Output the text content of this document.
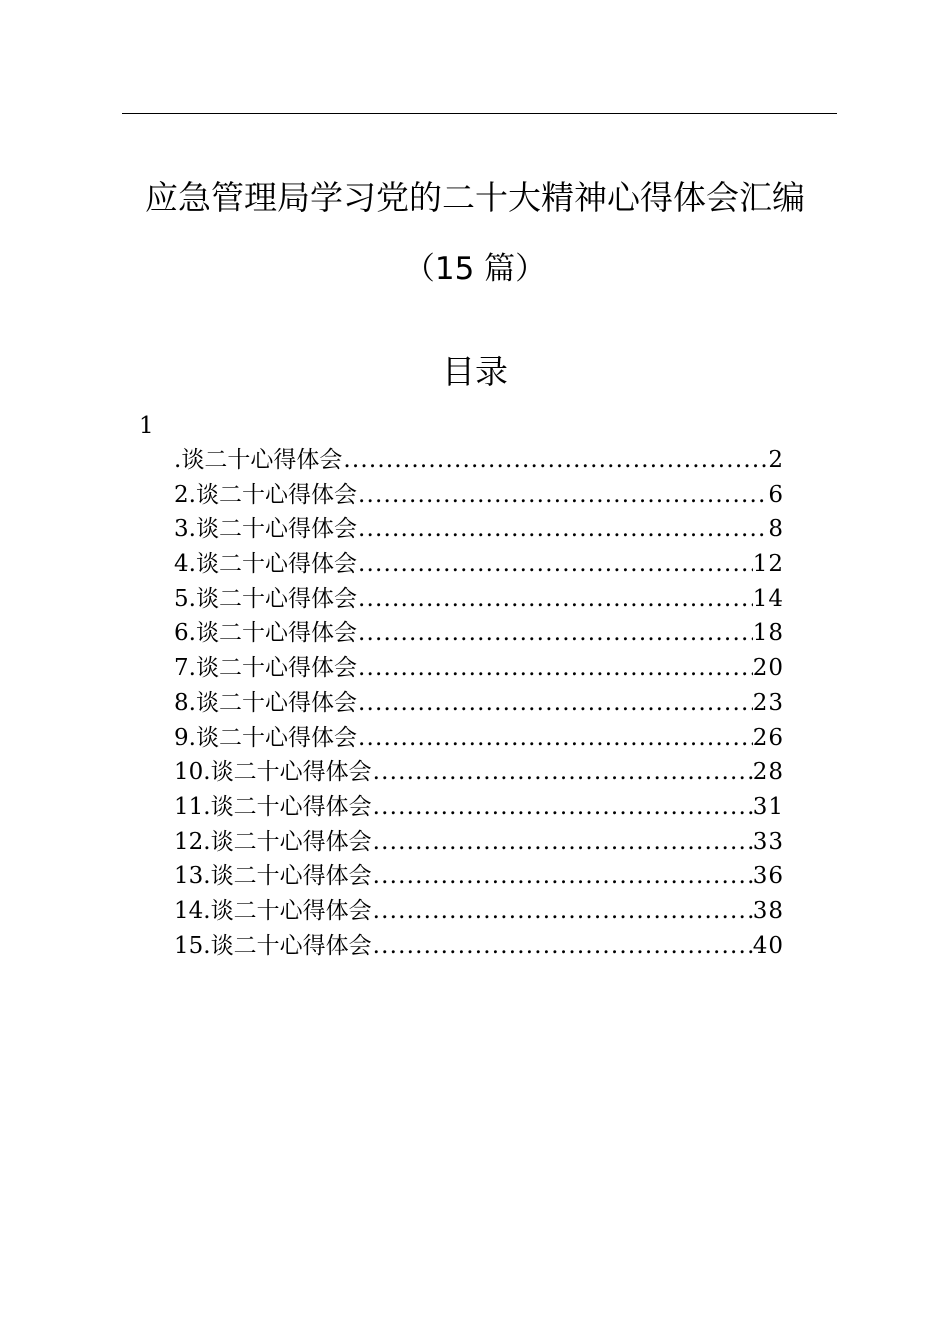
应急管理局学习党的二十大精神心得体会汇编
（15 篇）
目录
1
.谈二十心得体会 .....	2
2.谈二十心得体会 .....	6
3.谈二十心得体会 .....	8
4.谈二十心得体会 .....	12
5.谈二十心得体会 .....	14
6.谈二十心得体会 .....	18
7.谈二十心得体会 .....	20
8.谈二十心得体会 .....	23
9.谈二十心得体会 .....	26
10.谈二十心得体会 .....	28
11.谈二十心得体会 .....	31
12.谈二十心得体会 .....	33
13.谈二十心得体会 .....	36
14.谈二十心得体会 .....	38
15.谈二十心得体会 .....	40
